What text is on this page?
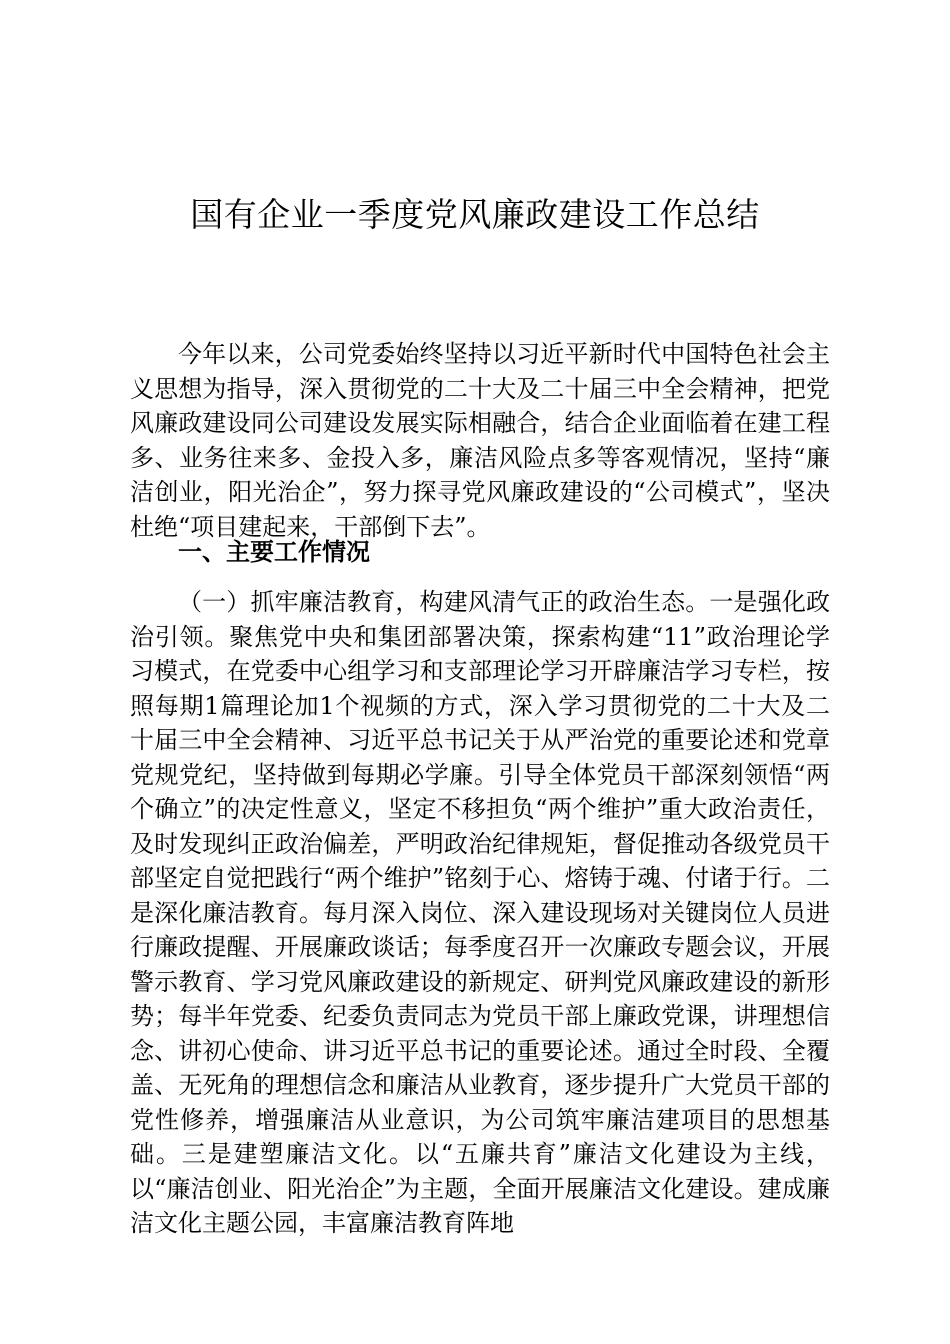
国有企业一季度党风廉政建设工作总结

今年以来，公司党委始终坚持以习近平新时代中国特色社会主义思想为指导，深入贯彻党的二十大及二十届三中全会精神，把党风廉政建设同公司建设发展实际相融合，结合企业面临着在建工程多、业务往来多、金投入多，廉洁风险点多等客观情况，坚持“廉洁创业，阳光治企”，努力探寻党风廉政建设的“公司模式”，坚决杜绝“项目建起来，干部倒下去”。

一、主要工作情况

（一）抓牢廉洁教育，构建风清气正的政治生态。一是强化政治引领。聚焦党中央和集团部署决策，探索构建“11”政治理论学习模式，在党委中心组学习和支部理论学习开辟廉洁学习专栏，按照每期1篇理论加1个视频的方式，深入学习贯彻党的二十大及二十届三中全会精神、习近平总书记关于从严治党的重要论述和党章党规党纪，坚持做到每期必学廉。引导全体党员干部深刻领悟“两个确立”的决定性意义，坚定不移担负“两个维护”重大政治责任，及时发现纠正政治偏差，严明政治纪律规矩，督促推动各级党员干部坚定自觉把践行“两个维护”铭刻于心、熔铸于魂、付诸于行。二是深化廉洁教育。每月深入岗位、深入建设现场对关键岗位人员进行廉政提醒、开展廉政谈话；每季度召开一次廉政专题会议，开展警示教育、学习党风廉政建设的新规定、研判党风廉政建设的新形势；每半年党委、纪委负责同志为党员干部上廉政党课，讲理想信念、讲初心使命、讲习近平总书记的重要论述。通过全时段、全覆盖、无死角的理想信念和廉洁从业教育，逐步提升广大党员干部的党性修养，增强廉洁从业意识，为公司筑牢廉洁建项目的思想基础。三是建塑廉洁文化。以“五廉共育”廉洁文化建设为主线，以“廉洁创业、阳光治企”为主题，全面开展廉洁文化建设。建成廉洁文化主题公园，丰富廉洁教育阵地
